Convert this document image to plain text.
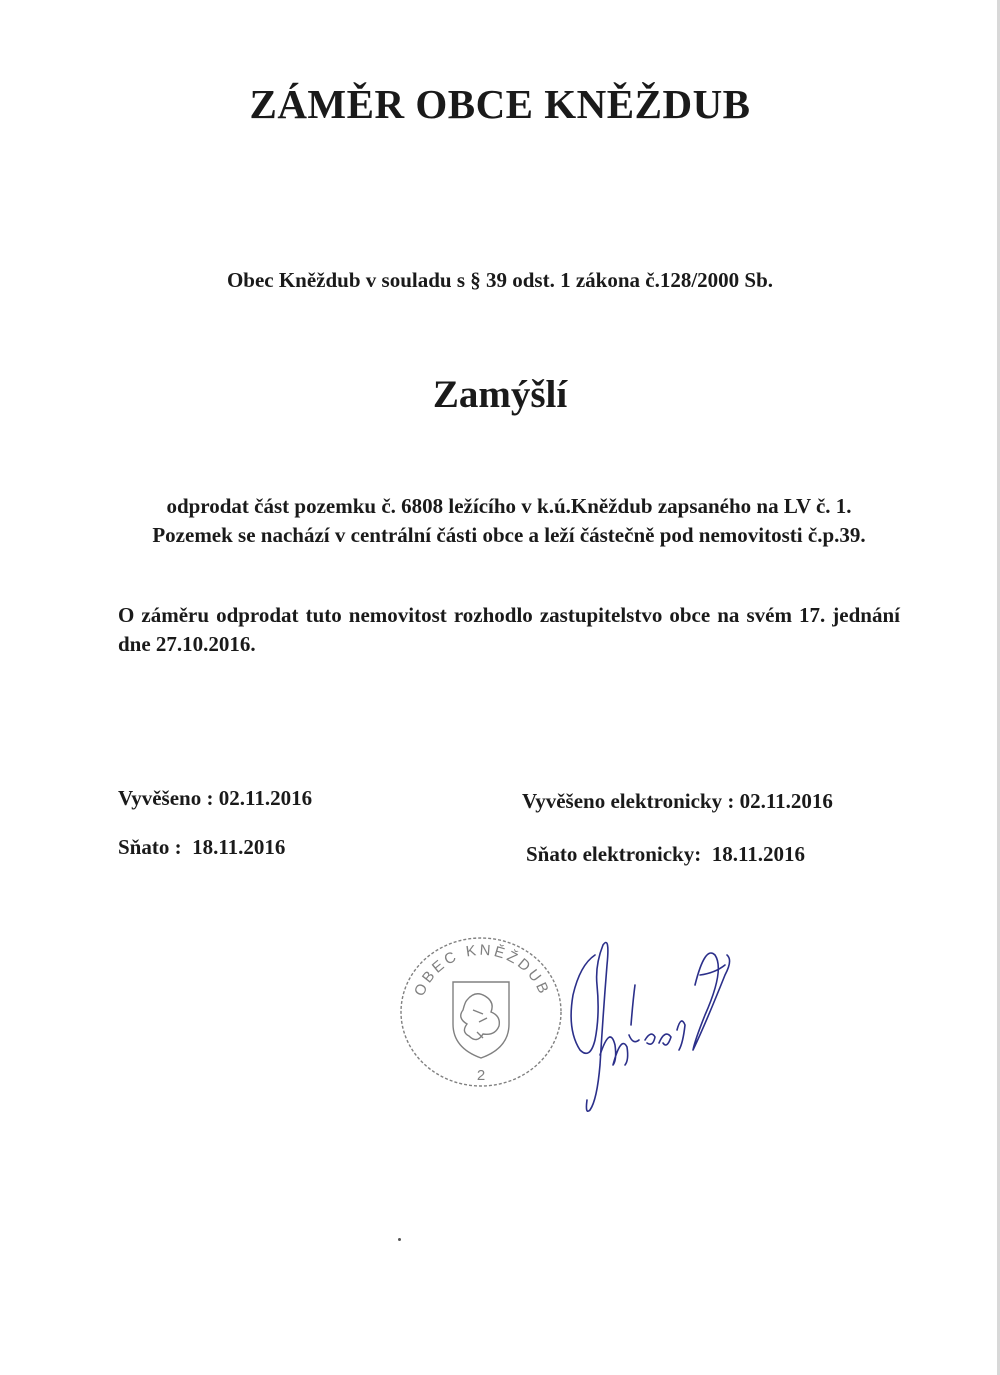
ZÁMĚR OBCE KNĚŽDUB
Obec Kněždub v souladu s § 39 odst. 1 zákona č.128/2000 Sb.
Zamýšlí
odprodat část pozemku č. 6808 ležícího v k.ú.Kněždub zapsaného na LV č. 1.
Pozemek se nachází v centrální části obce a leží částečně pod nemovitosti č.p.39.
O záměru odprodat tuto nemovitost rozhodlo zastupitelstvo obce na svém 17. jednání dne 27.10.2016.
Vyvěšeno : 02.11.2016
Sňato :  18.11.2016
Vyvěšeno elektronicky : 02.11.2016
Sňato elektronicky:  18.11.2016
OBEC KNĚŽDUB
2
